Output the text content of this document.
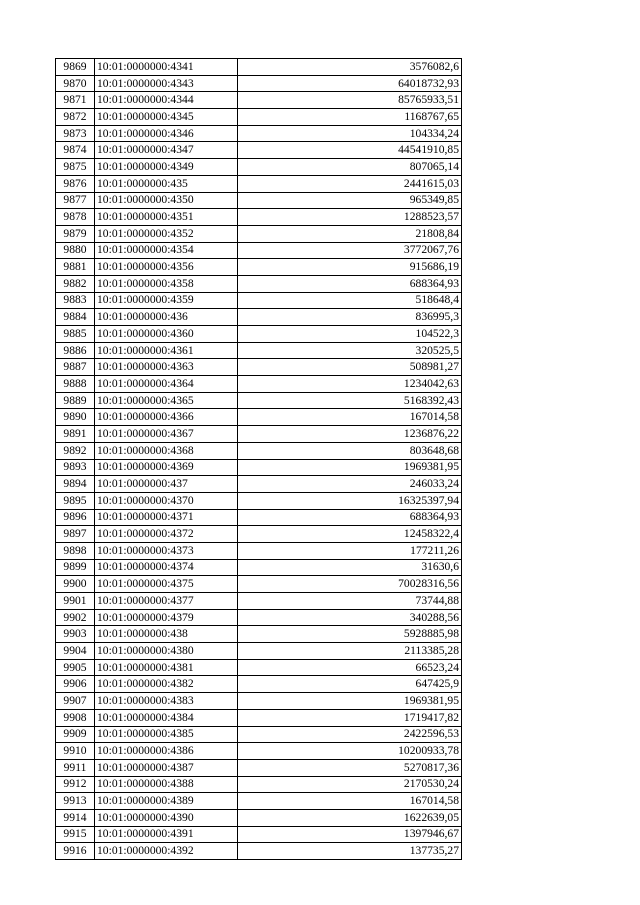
9869	10:01:0000000:4341	3576082,6
9870	10:01:0000000:4343	64018732,93
9871	10:01:0000000:4344	85765933,51
9872	10:01:0000000:4345	1168767,65
9873	10:01:0000000:4346	104334,24
9874	10:01:0000000:4347	44541910,85
9875	10:01:0000000:4349	807065,14
9876	10:01:0000000:435	2441615,03
9877	10:01:0000000:4350	965349,85
9878	10:01:0000000:4351	1288523,57
9879	10:01:0000000:4352	21808,84
9880	10:01:0000000:4354	3772067,76
9881	10:01:0000000:4356	915686,19
9882	10:01:0000000:4358	688364,93
9883	10:01:0000000:4359	518648,4
9884	10:01:0000000:436	836995,3
9885	10:01:0000000:4360	104522,3
9886	10:01:0000000:4361	320525,5
9887	10:01:0000000:4363	508981,27
9888	10:01:0000000:4364	1234042,63
9889	10:01:0000000:4365	5168392,43
9890	10:01:0000000:4366	167014,58
9891	10:01:0000000:4367	1236876,22
9892	10:01:0000000:4368	803648,68
9893	10:01:0000000:4369	1969381,95
9894	10:01:0000000:437	246033,24
9895	10:01:0000000:4370	16325397,94
9896	10:01:0000000:4371	688364,93
9897	10:01:0000000:4372	12458322,4
9898	10:01:0000000:4373	177211,26
9899	10:01:0000000:4374	31630,6
9900	10:01:0000000:4375	70028316,56
9901	10:01:0000000:4377	73744,88
9902	10:01:0000000:4379	340288,56
9903	10:01:0000000:438	5928885,98
9904	10:01:0000000:4380	2113385,28
9905	10:01:0000000:4381	66523,24
9906	10:01:0000000:4382	647425,9
9907	10:01:0000000:4383	1969381,95
9908	10:01:0000000:4384	1719417,82
9909	10:01:0000000:4385	2422596,53
9910	10:01:0000000:4386	10200933,78
9911	10:01:0000000:4387	5270817,36
9912	10:01:0000000:4388	2170530,24
9913	10:01:0000000:4389	167014,58
9914	10:01:0000000:4390	1622639,05
9915	10:01:0000000:4391	1397946,67
9916	10:01:0000000:4392	137735,27
